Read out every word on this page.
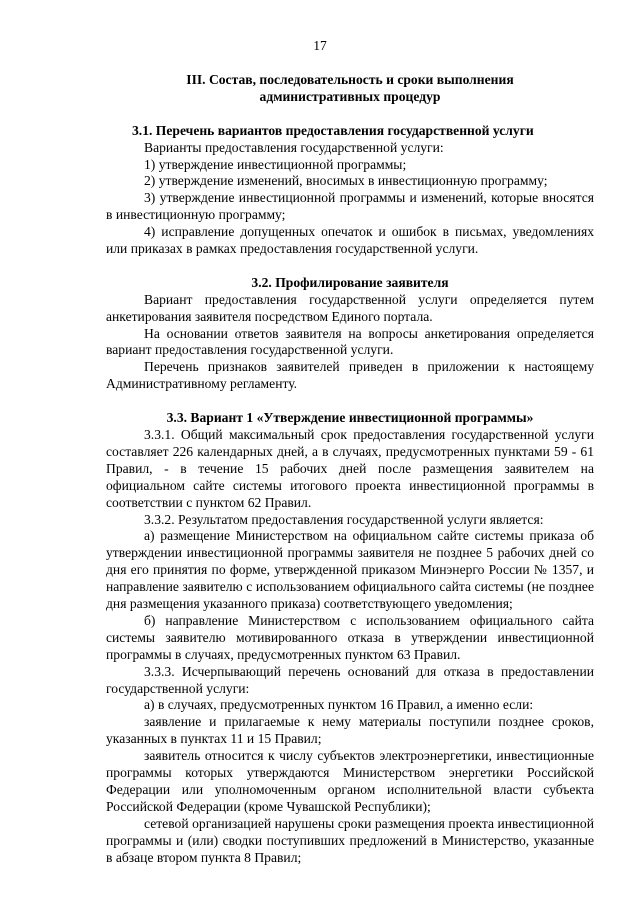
17

III. Состав, последовательность и сроки выполнения

административных процедур

3.1. Перечень вариантов предоставления государственной услуги

Варианты предоставления государственной услуги:

1) утверждение инвестиционной программы;

2) утверждение изменений, вносимых в инвестиционную программу;

3) утверждение инвестиционной программы и изменений, которые вносятся в инвестиционную программу;

4) исправление допущенных опечаток и ошибок в письмах, уведомлениях или приказах в рамках предоставления государственной услуги.

3.2. Профилирование заявителя

Вариант предоставления государственной услуги определяется путем анкетирования заявителя посредством Единого портала.

На основании ответов заявителя на вопросы анкетирования определяется вариант предоставления государственной услуги.

Перечень признаков заявителей приведен в приложении к настоящему Административному регламенту.

3.3. Вариант 1 «Утверждение инвестиционной программы»

3.3.1. Общий максимальный срок предоставления государственной услуги составляет 226 календарных дней, а в случаях, предусмотренных пунктами 59 - 61 Правил, - в течение 15 рабочих дней после размещения заявителем на официальном сайте системы итогового проекта инвестиционной программы в соответствии с пунктом 62 Правил.

3.3.2. Результатом предоставления государственной услуги является:

а) размещение Министерством на официальном сайте системы приказа об утверждении инвестиционной программы заявителя не позднее 5 рабочих дней со дня его принятия по форме, утвержденной приказом Минэнерго России № 1357, и направление заявителю с использованием официального сайта системы (не позднее дня размещения указанного приказа) соответствующего уведомления;

б) направление Министерством с использованием официального сайта системы заявителю мотивированного отказа в утверждении инвестиционной программы в случаях, предусмотренных пунктом 63 Правил.

3.3.3. Исчерпывающий перечень оснований для отказа в предоставлении государственной услуги:

а) в случаях, предусмотренных пунктом 16 Правил, а именно если:

заявление и прилагаемые к нему материалы поступили позднее сроков, указанных в пунктах 11 и 15 Правил;

заявитель относится к числу субъектов электроэнергетики, инвестиционные программы которых утверждаются Министерством энергетики Российской Федерации или уполномоченным органом исполнительной власти субъекта Российской Федерации (кроме Чувашской Республики);

сетевой организацией нарушены сроки размещения проекта инвестиционной программы и (или) сводки поступивших предложений в Министерство, указанные в абзаце втором пункта 8 Правил;
